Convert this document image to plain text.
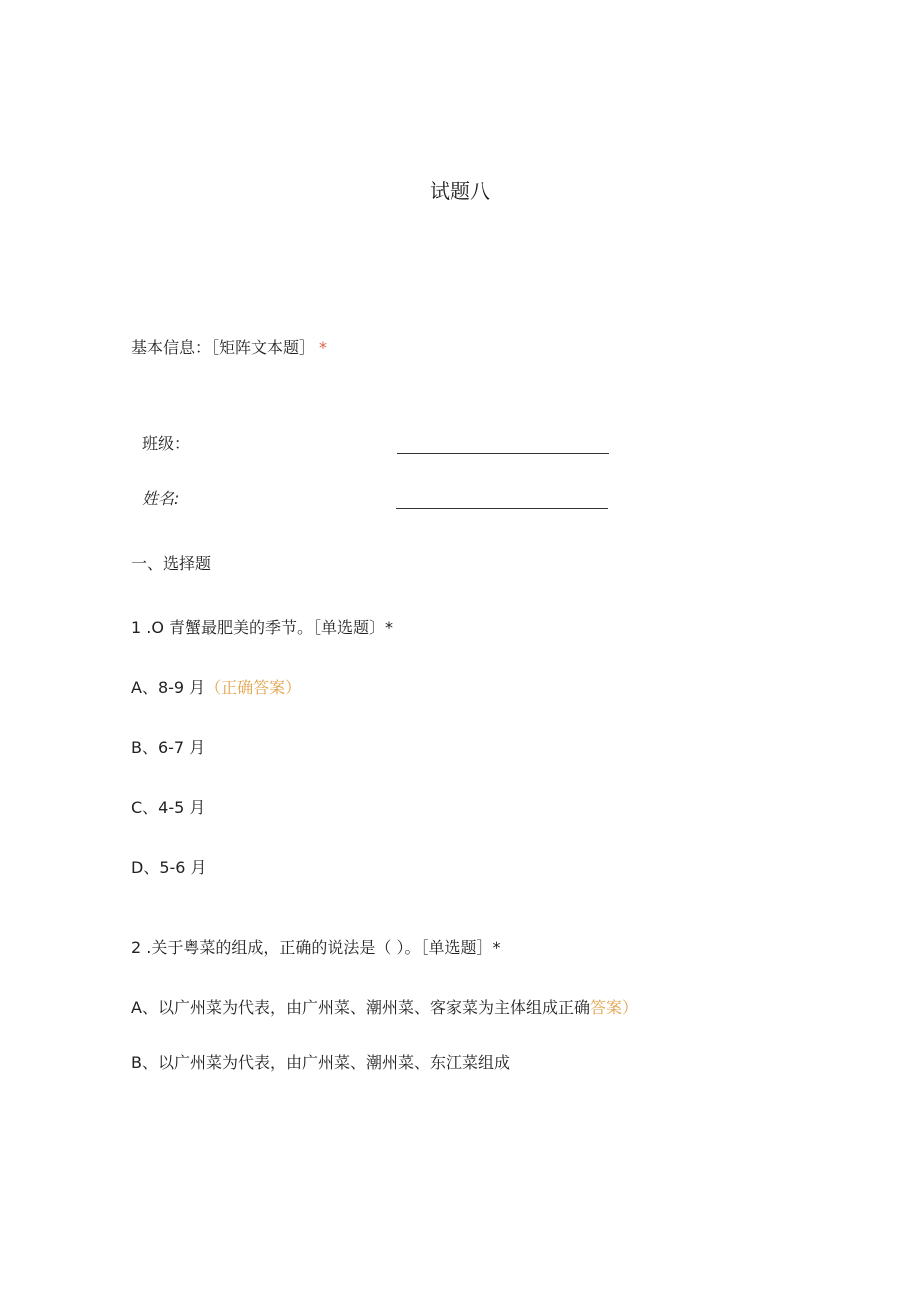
试题八
基本信息：［矩阵文本题］ *
班级：
姓名:
一、选择题
1 .O 青蟹最肥美的季节。［单选题〕*
A、8-9 月（正确答案）
B、6-7 月
C、4-5 月
D、5-6 月
2 .关于粤菜的组成，正确的说法是（ ）。［单选题］*
A、以广州菜为代表，由广州菜、潮州菜、客家菜为主体组成正确答案）
B、以广州菜为代表，由广州菜、潮州菜、东江菜组成
